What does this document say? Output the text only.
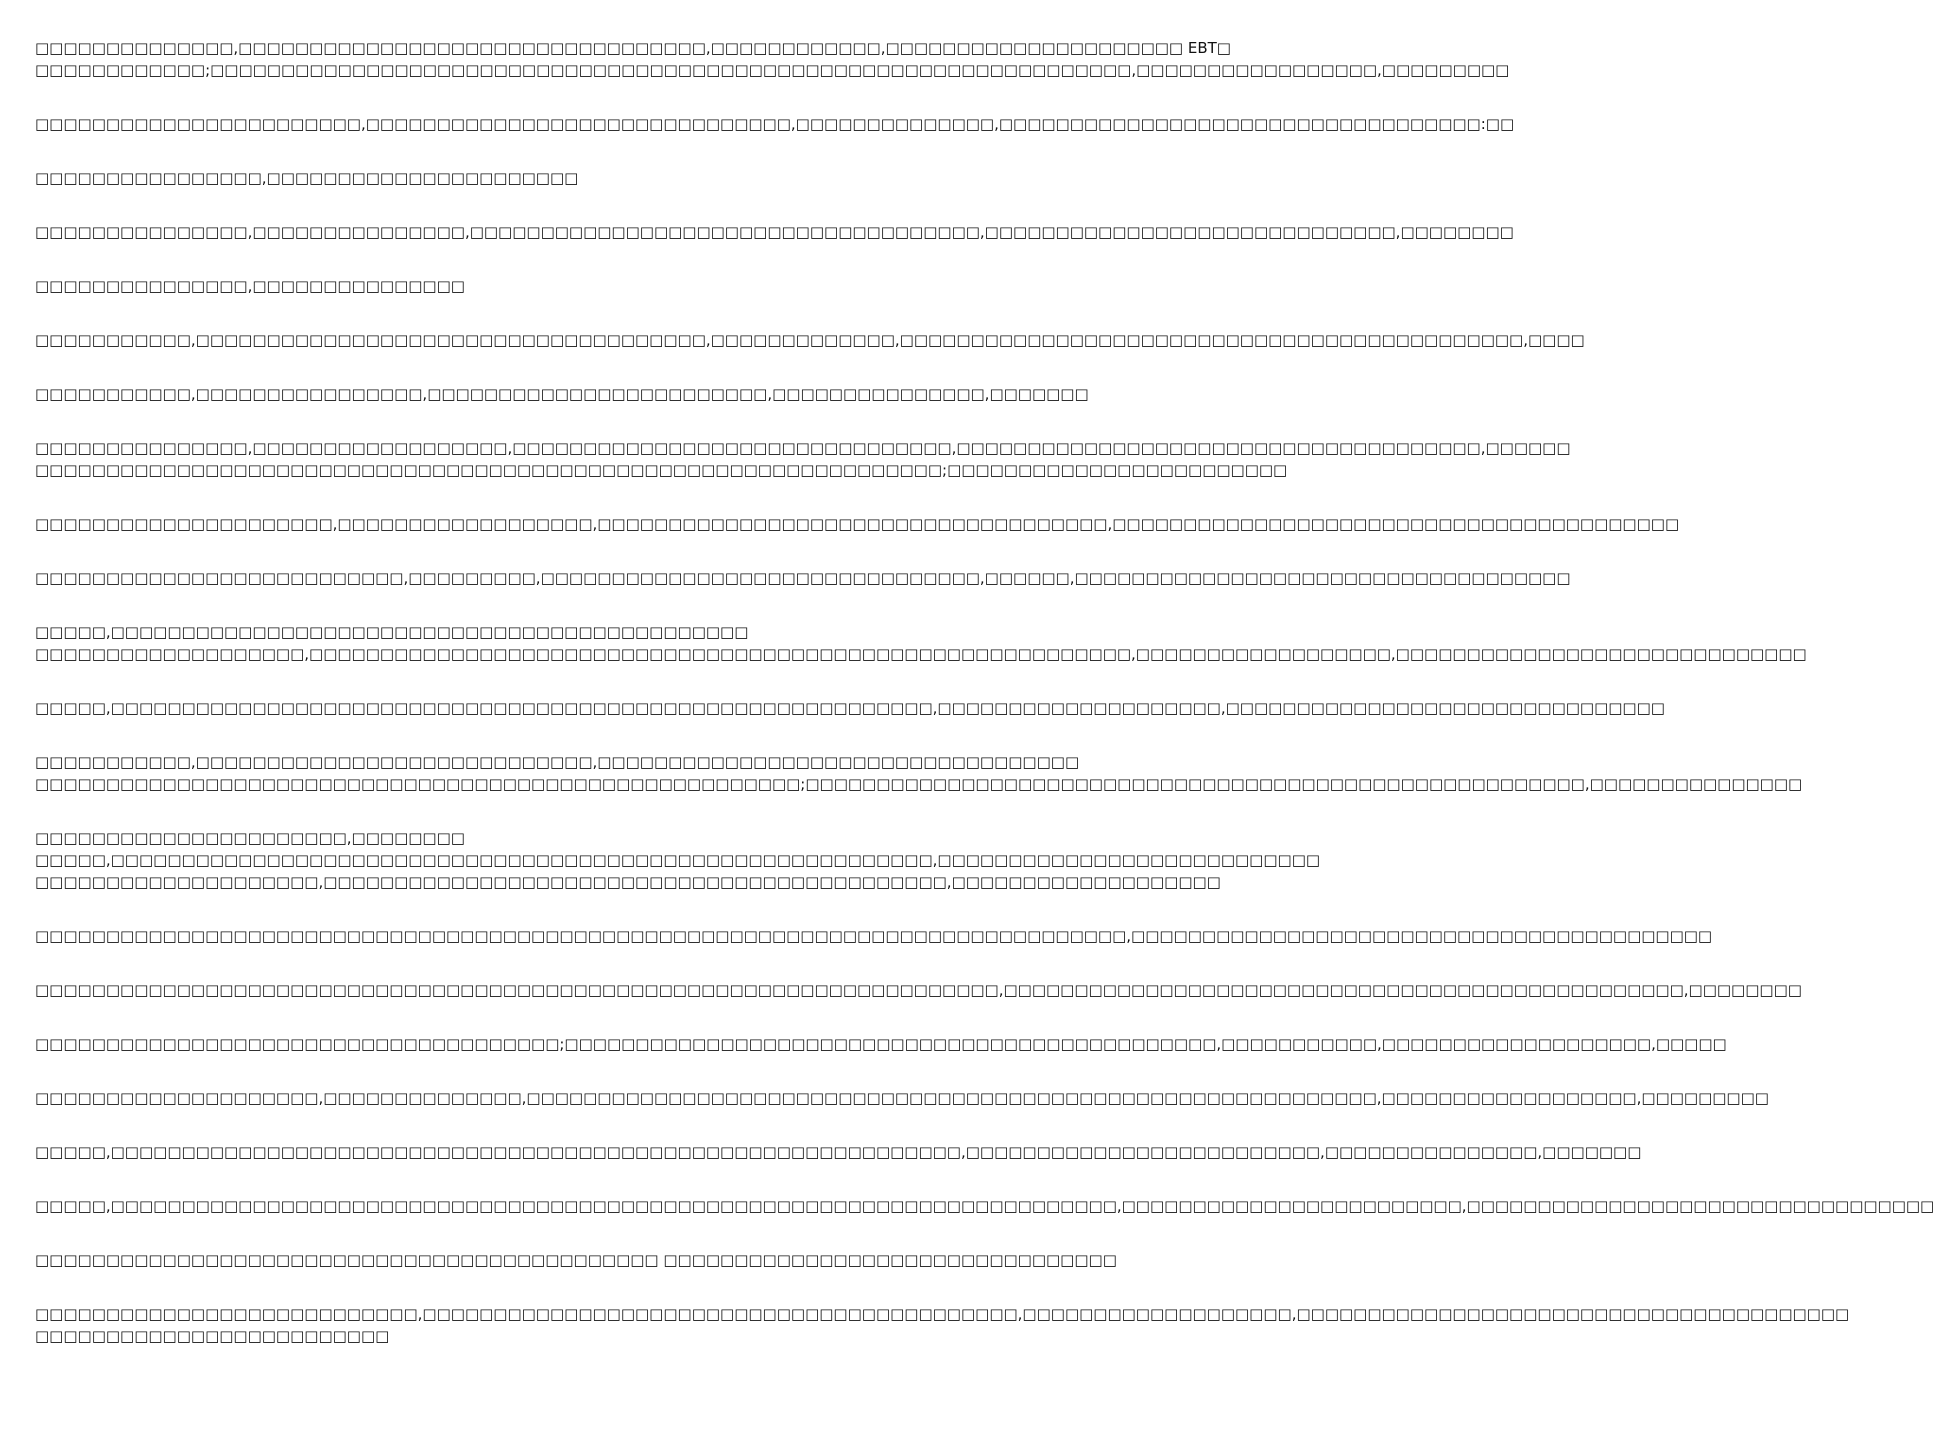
□□□□□□□□□□□□□□,□□□□□□□□□□□□□□□□□□□□□□□□□□□□□□□□□,□□□□□□□□□□□□,□□□□□□□□□□□□□□□□□□□□□ EBT□
□□□□□□□□□□□□;□□□□□□□□□□□□□□□□□□□□□□□□□□□□□□□□□□□□□□□□□□□□□□□□□□□□□□□□□□□□□□□□□,□□□□□□□□□□□□□□□□□,□□□□□□□□□
□□□□□□□□□□□□□□□□□□□□□□□,□□□□□□□□□□□□□□□□□□□□□□□□□□□□□□,□□□□□□□□□□□□□□,□□□□□□□□□□□□□□□□□□□□□□□□□□□□□□□□□□:□□
□□□□□□□□□□□□□□□□,□□□□□□□□□□□□□□□□□□□□□□
□□□□□□□□□□□□□□□,□□□□□□□□□□□□□□□,□□□□□□□□□□□□□□□□□□□□□□□□□□□□□□□□□□□□,□□□□□□□□□□□□□□□□□□□□□□□□□□□□□,□□□□□□□□
□□□□□□□□□□□□□□□,□□□□□□□□□□□□□□□
□□□□□□□□□□□,□□□□□□□□□□□□□□□□□□□□□□□□□□□□□□□□□□□□,□□□□□□□□□□□□□,□□□□□□□□□□□□□□□□□□□□□□□□□□□□□□□□□□□□□□□□□□□□,□□□□
□□□□□□□□□□□,□□□□□□□□□□□□□□□□,□□□□□□□□□□□□□□□□□□□□□□□□,□□□□□□□□□□□□□□□,□□□□□□□
□□□□□□□□□□□□□□□,□□□□□□□□□□□□□□□□□□,□□□□□□□□□□□□□□□□□□□□□□□□□□□□□□□,□□□□□□□□□□□□□□□□□□□□□□□□□□□□□□□□□□□□□,□□□□□□
□□□□□□□□□□□□□□□□□□□□□□□□□□□□□□□□□□□□□□□□□□□□□□□□□□□□□□□□□□□□□□□□;□□□□□□□□□□□□□□□□□□□□□□□□
□□□□□□□□□□□□□□□□□□□□□,□□□□□□□□□□□□□□□□□□,□□□□□□□□□□□□□□□□□□□□□□□□□□□□□□□□□□□□,□□□□□□□□□□□□□□□□□□□□□□□□□□□□□□□□□□□□□□□□
□□□□□□□□□□□□□□□□□□□□□□□□□□,□□□□□□□□□,□□□□□□□□□□□□□□□□□□□□□□□□□□□□□□□,□□□□□□,□□□□□□□□□□□□□□□□□□□□□□□□□□□□□□□□□□□
□□□□□,□□□□□□□□□□□□□□□□□□□□□□□□□□□□□□□□□□□□□□□□□□□□□
□□□□□□□□□□□□□□□□□□□,□□□□□□□□□□□□□□□□□□□□□□□□□□□□□□□□□□□□□□□□□□□□□□□□□□□□□□□□□□,□□□□□□□□□□□□□□□□□□,□□□□□□□□□□□□□□□□□□□□□□□□□□□□□
□□□□□,□□□□□□□□□□□□□□□□□□□□□□□□□□□□□□□□□□□□□□□□□□□□□□□□□□□□□□□□□□,□□□□□□□□□□□□□□□□□□□□,□□□□□□□□□□□□□□□□□□□□□□□□□□□□□□□
□□□□□□□□□□□,□□□□□□□□□□□□□□□□□□□□□□□□□□□□,□□□□□□□□□□□□□□□□□□□□□□□□□□□□□□□□□□
□□□□□□□□□□□□□□□□□□□□□□□□□□□□□□□□□□□□□□□□□□□□□□□□□□□□□□;□□□□□□□□□□□□□□□□□□□□□□□□□□□□□□□□□□□□□□□□□□□□□□□□□□□□□□□,□□□□□□□□□□□□□□□
□□□□□□□□□□□□□□□□□□□□□□,□□□□□□□□
□□□□□,□□□□□□□□□□□□□□□□□□□□□□□□□□□□□□□□□□□□□□□□□□□□□□□□□□□□□□□□□□,□□□□□□□□□□□□□□□□□□□□□□□□□□□
□□□□□□□□□□□□□□□□□□□□,□□□□□□□□□□□□□□□□□□□□□□□□□□□□□□□□□□□□□□□□□□□□,□□□□□□□□□□□□□□□□□□□
□□□□□□□□□□□□□□□□□□□□□□□□□□□□□□□□□□□□□□□□□□□□□□□□□□□□□□□□□□□□□□□□□□□□□□□□□□□□□,□□□□□□□□□□□□□□□□□□□□□□□□□□□□□□□□□□□□□□□□□
□□□□□□□□□□□□□□□□□□□□□□□□□□□□□□□□□□□□□□□□□□□□□□□□□□□□□□□□□□□□□□□□□□□□,□□□□□□□□□□□□□□□□□□□□□□□□□□□□□□□□□□□□□□□□□□□□□□□□,□□□□□□□□
□□□□□□□□□□□□□□□□□□□□□□□□□□□□□□□□□□□□□;□□□□□□□□□□□□□□□□□□□□□□□□□□□□□□□□□□□□□□□□□□□□□□,□□□□□□□□□□□,□□□□□□□□□□□□□□□□□□□,□□□□□
□□□□□□□□□□□□□□□□□□□□,□□□□□□□□□□□□□□,□□□□□□□□□□□□□□□□□□□□□□□□□□□□□□□□□□□□□□□□□□□□□□□□□□□□□□□□□□□□,□□□□□□□□□□□□□□□□□□,□□□□□□□□□
□□□□□,□□□□□□□□□□□□□□□□□□□□□□□□□□□□□□□□□□□□□□□□□□□□□□□□□□□□□□□□□□□□,□□□□□□□□□□□□□□□□□□□□□□□□□,□□□□□□□□□□□□□□□,□□□□□□□
□□□□□,□□□□□□□□□□□□□□□□□□□□□□□□□□□□□□□□□□□□□□□□□□□□□□□□□□□□□□□□□□□□□□□□□□□□□□□,□□□□□□□□□□□□□□□□□□□□□□□□,□□□□□□□□□□□□□□□□□□□□□□□□□□□□□□□□□
□□□□□□□□□□□□□□□□□□□□□□□□□□□□□□□□□□□□□□□□□□□□ □□□□□□□□□□□□□□□□□□□□□□□□□□□□□□□□
□□□□□□□□□□□□□□□□□□□□□□□□□□□,□□□□□□□□□□□□□□□□□□□□□□□□□□□□□□□□□□□□□□□□□□,□□□□□□□□□□□□□□□□□□□,□□□□□□□□□□□□□□□□□□□□□□□□□□□□□□□□□□□□□□□
□□□□□□□□□□□□□□□□□□□□□□□□□
